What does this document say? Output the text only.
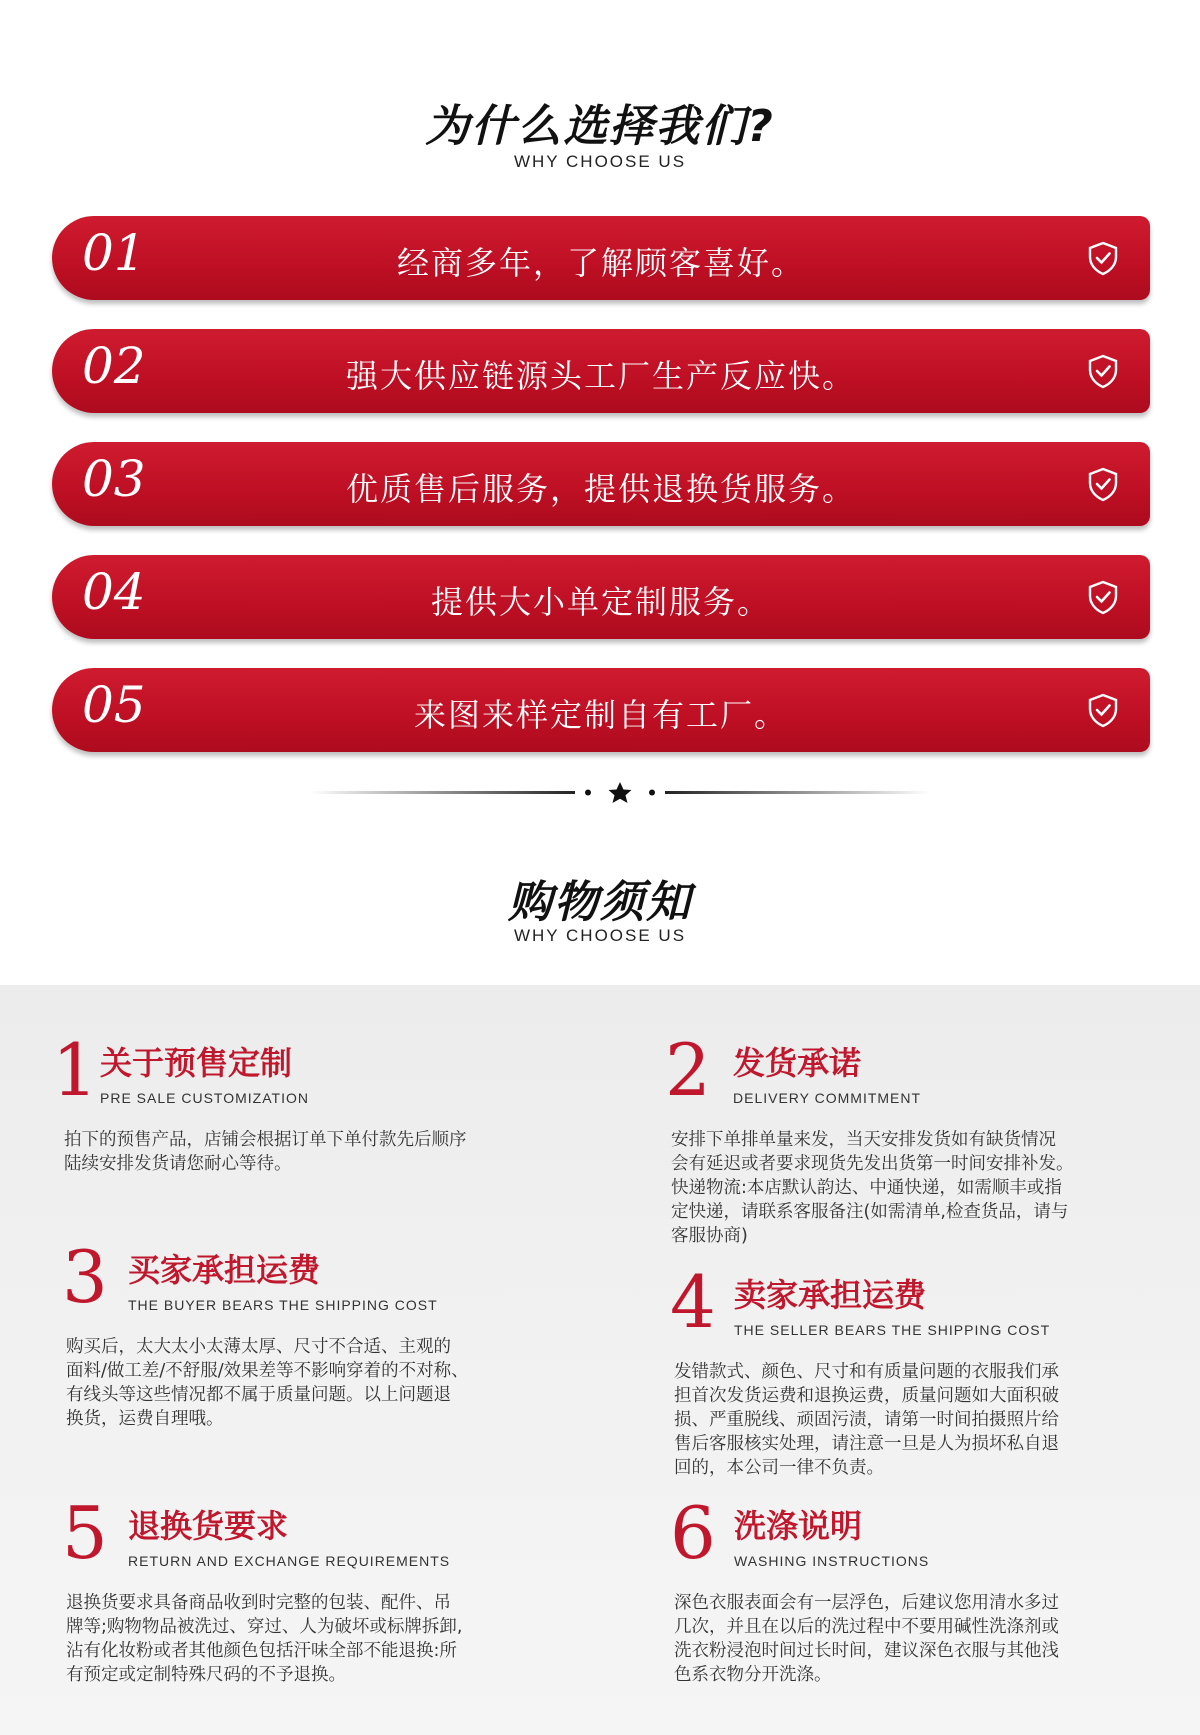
为什么选择我们?
WHY CHOOSE US
01	经商多年，了解顾客喜好。
02	强大供应链源头工厂生产反应快。
03	优质售后服务，提供退换货服务。
04	提供大小单定制服务。
05	来图来样定制自有工厂。
购物须知
WHY CHOOSE US
1 关于预售定制
PRE SALE CUSTOMIZATION
拍下的预售产品，店铺会根据订单下单付款先后顺序
陆续安排发货请您耐心等待。
2 发货承诺
DELIVERY COMMITMENT
安排下单排单量来发，当天安排发货如有缺货情况
会有延迟或者要求现货先发出货第一时间安排补发。
快递物流:本店默认韵达、中通快递，如需顺丰或指
定快递，请联系客服备注(如需清单,检查货品，请与
客服协商)
3 买家承担运费
THE BUYER BEARS THE SHIPPING COST
购买后，太大太小太薄太厚、尺寸不合适、主观的
面料/做工差/不舒服/效果差等不影响穿着的不对称、
有线头等这些情况都不属于质量问题。以上问题退
换货，运费自理哦。
4 卖家承担运费
THE SELLER BEARS THE SHIPPING COST
发错款式、颜色、尺寸和有质量问题的衣服我们承
担首次发货运费和退换运费，质量问题如大面积破
损、严重脱线、顽固污渍，请第一时间拍摄照片给
售后客服核实处理，请注意一旦是人为损坏私自退
回的，本公司一律不负责。
5 退换货要求
RETURN AND EXCHANGE REQUIREMENTS
退换货要求具备商品收到时完整的包装、配件、吊
牌等;购物物品被洗过、穿过、人为破坏或标牌拆卸,
沾有化妆粉或者其他颜色包括汗味全部不能退换:所
有预定或定制特殊尺码的不予退换。
6 洗涤说明
WASHING INSTRUCTIONS
深色衣服表面会有一层浮色，后建议您用清水多过
几次，并且在以后的洗过程中不要用碱性洗涤剂或
洗衣粉浸泡时间过长时间，建议深色衣服与其他浅
色系衣物分开洗涤。
